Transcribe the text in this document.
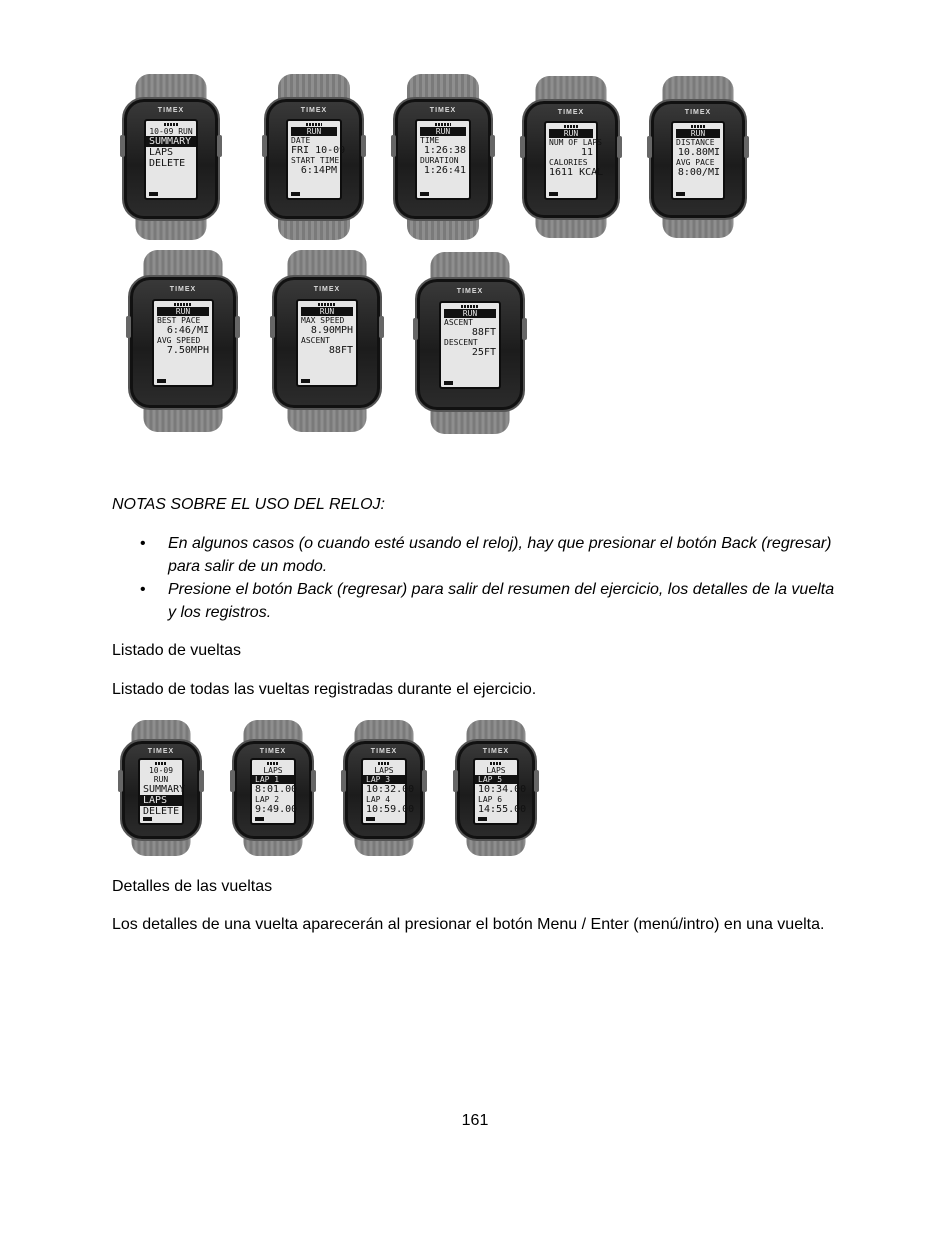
TIMEX
10-09 RUN
SUMMARY
LAPS
DELETE
TIMEX
RUN
DATE
FRI 10-09
START TIME
6:14PM
TIMEX
RUN
TIME
1:26:38
DURATION
1:26:41
TIMEX
RUN
NUM OF LAPS
11
CALORIES
1611 KCAL
TIMEX
RUN
DISTANCE
10.80MI
AVG PACE
8:00/MI
TIMEX
RUN
BEST PACE
6:46/MI
AVG SPEED
7.50MPH
TIMEX
RUN
MAX SPEED
8.90MPH
ASCENT
88FT
TIMEX
RUN
ASCENT
88FT
DESCENT
25FT

NOTAS SOBRE EL USO DEL RELOJ:

• En algunos casos (o cuando esté usando el reloj), hay que presionar el botón Back (regresar) para salir de un modo.
• Presione el botón Back (regresar) para salir del resumen del ejercicio, los detalles de la vuelta y los registros.

Listado de vueltas

Listado de todas las vueltas registradas durante el ejercicio.

TIMEX
10-09 RUN
SUMMARY
LAPS
DELETE
TIMEX
LAPS
LAP 1
8:01.00
LAP 2
9:49.00
TIMEX
LAPS
LAP 3
10:32.00
LAP 4
10:59.00
TIMEX
LAPS
LAP 5
10:34.00
LAP 6
14:55.00

Detalles de las vueltas

Los detalles de una vuelta aparecerán al presionar el botón Menu / Enter (menú/intro) en una vuelta.

161
